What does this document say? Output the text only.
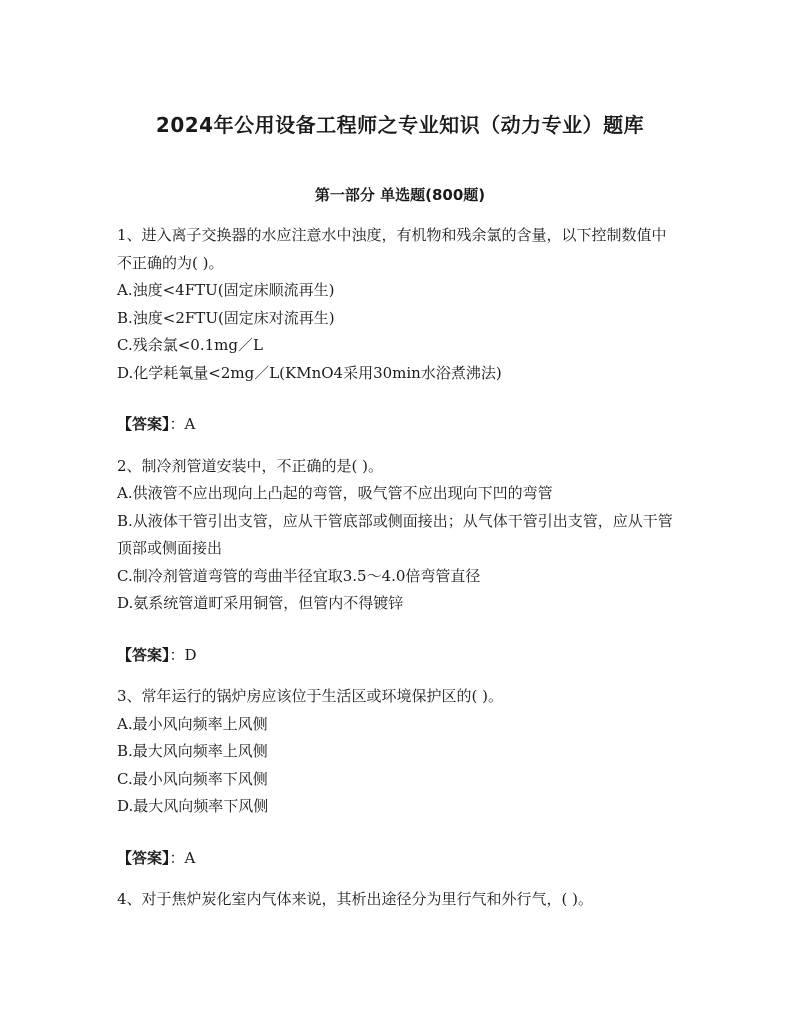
2024年公用设备工程师之专业知识（动力专业）题库
第一部分 单选题(800题)

1、进入离子交换器的水应注意水中浊度，有机物和残余氯的含量，以下控制数值中不正确的为( )。

A.浊度<4FTU(固定床顺流再生)

B.浊度<2FTU(固定床对流再生)

C.残余氯<0.1mg／L

D.化学耗氧量<2mg／L(KMnO4采用30min水浴煮沸法)

【答案】：A

2、制冷剂管道安装中，不正确的是( )。

A.供液管不应出现向上凸起的弯管，吸气管不应出现向下凹的弯管

B.从液体干管引出支管，应从干管底部或侧面接出；从气体干管引出支管，应从干管顶部或侧面接出

C.制冷剂管道弯管的弯曲半径宜取3.5～4.0倍弯管直径

D.氨系统管道町采用铜管，但管内不得镀锌

【答案】：D

3、常年运行的锅炉房应该位于生活区或环境保护区的( )。

A.最小风向频率上风侧

B.最大风向频率上风侧

C.最小风向频率下风侧

D.最大风向频率下风侧

【答案】：A

4、对于焦炉炭化室内气体来说，其析出途径分为里行气和外行气，( )。
